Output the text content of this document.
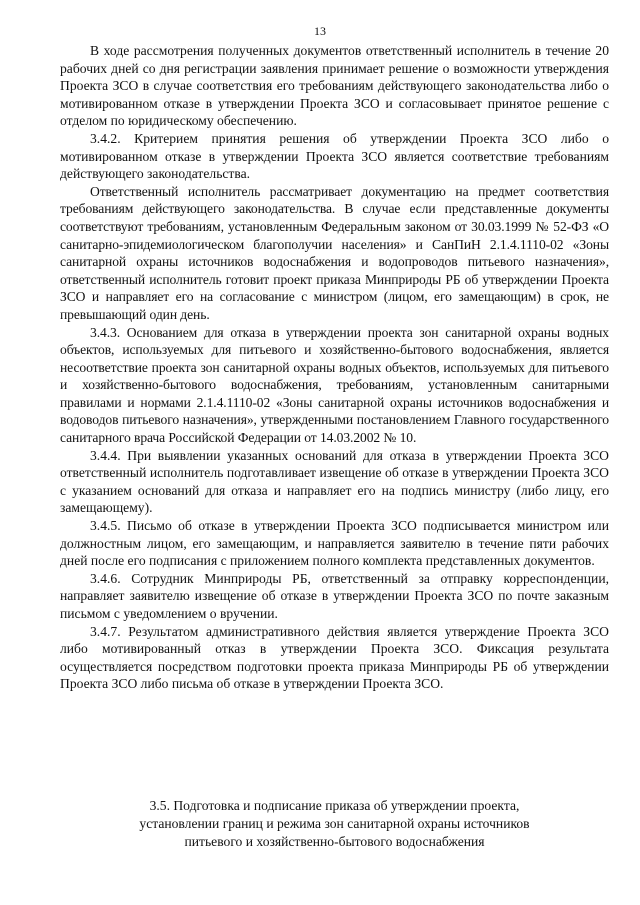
13

В ходе рассмотрения полученных документов ответственный исполнитель в течение 20 рабочих дней со дня регистрации заявления принимает решение о возможности утверждения Проекта ЗСО в случае соответствия его требованиям действующего законодательства либо о мотивированном отказе в утверждении Проекта ЗСО и согласовывает принятое решение с отделом по юридическому обеспечению.

3.4.2. Критерием принятия решения об утверждении Проекта ЗСО либо о мотивированном отказе в утверждении Проекта ЗСО является соответствие требованиям действующего законодательства.

Ответственный исполнитель рассматривает документацию на предмет соответствия требованиям действующего законодательства. В случае если представленные документы соответствуют требованиям, установленным Федеральным законом от 30.03.1999 № 52-ФЗ «О санитарно-эпидемиологическом благополучии населения» и СанПиН 2.1.4.1110-02 «Зоны санитарной охраны источников водоснабжения и водопроводов питьевого назначения», ответственный исполнитель готовит проект приказа Минприроды РБ об утверждении Проекта ЗСО и направляет его на согласование с министром (лицом, его замещающим) в срок, не превышающий один день.

3.4.3. Основанием для отказа в утверждении проекта зон санитарной охраны водных объектов, используемых для питьевого и хозяйственно-бытового водоснабжения, является несоответствие проекта зон санитарной охраны водных объектов, используемых для питьевого и хозяйственно-бытового водоснабжения, требованиям, установленным санитарными правилами и нормами 2.1.4.1110-02 «Зоны санитарной охраны источников водоснабжения и водоводов питьевого назначения», утвержденными постановлением Главного государственного санитарного врача Российской Федерации от 14.03.2002 № 10.

3.4.4. При выявлении указанных оснований для отказа в утверждении Проекта ЗСО ответственный исполнитель подготавливает извещение об отказе в утверждении Проекта ЗСО с указанием оснований для отказа и направляет его на подпись министру (либо лицу, его замещающему).

3.4.5. Письмо об отказе в утверждении Проекта ЗСО подписывается министром или должностным лицом, его замещающим, и направляется заявителю в течение пяти рабочих дней после его подписания с приложением полного комплекта представленных документов.

3.4.6. Сотрудник Минприроды РБ, ответственный за отправку корреспонденции, направляет заявителю извещение об отказе в утверждении Проекта ЗСО по почте заказным письмом с уведомлением о вручении.

3.4.7. Результатом административного действия является утверждение Проекта ЗСО либо мотивированный отказ в утверждении Проекта ЗСО. Фиксация результата осуществляется посредством подготовки проекта приказа Минприроды РБ об утверждении Проекта ЗСО либо письма об отказе в утверждении Проекта ЗСО.

3.5. Подготовка и подписание приказа об утверждении проекта,
установлении границ и режима зон санитарной охраны источников
питьевого и хозяйственно-бытового водоснабжения
